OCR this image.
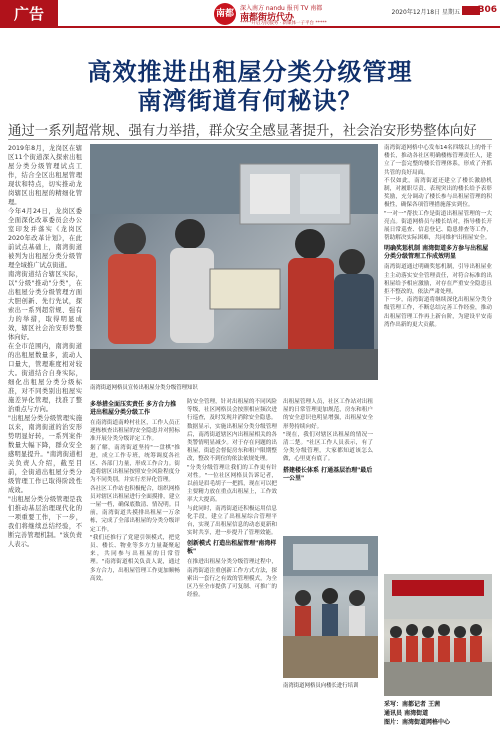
广告	南都
深入南方 nandu 报刊 TV 南都
南都街坊代办
*****开启为民服务 · 新媒体一子平台 *****
2020年12月18日 星期五 B06
高效推进出租屋分类分级管理
南湾街道有何秘诀？
通过一系列超常规、强有力举措，群众安全感显著提升，社会治安形势整体向好

2019年8月，龙岗区在辖区11个街道深入探索出租屋分类分级管理试点工作，结合全区出租屋管理现状和特点，切实推动龙岗辖区出租屋的精细化管理。

今年4月24日，龙岗区委全面深化改革委员会办公室印发并落实《龙岗区2020年改革计划》，在此前试点基础上，南湾街道被列为出租屋分类分级管理全域推广试点街道。

南湾街道结合辖区实际，以"分级"推动"分类"，在出租屋分类分级管理方面大胆创新、先行先试，探索出一系列超常规、强有力的举措，取得明显成效，辖区社会治安形势整体向好。

在全市范围内，南湾街道的出租屋数量多，流动人口量大，管理难度相对较大。街道结合自身实际，细化出租屋分类分级标准，对不同类别出租屋实施差异化管理，找准了整治重点与方向。

"出租屋分类分级管理实施以来，南湾街道的治安形势明显好转，一系列案件数量大幅下降，群众安全感明显提升。"南湾街道相关负责人介绍，截至目前，全街道出租屋分类分级管理工作已取得阶段性成效。

"出租屋分类分级管理是我们推动基层治理现代化的一项重要工作，下一步，我们将继续总结经验，不断完善管理机制。"该负责人表示。

南湾街道网格员宣传出租屋分类分级管理知识
多举措全面压实责任 多方合力推进出租屋分类分级工作

在南湾街道南岭村社区，工作人员正逐栋核查出租屋的安全隐患并对照标准开展分类分级评定工作。

据了解，南湾街道坚持"一盘棋"推进，成立工作专班，统筹调度各社区、各部门力量，形成工作合力。街道将辖区出租屋按照安全风险程度分为不同类别，并实行差异化管理。

各社区工作站也积极配合，组织网格员对辖区出租屋进行全面摸排，建立一屋一档，确保底数清、情况明。目前，南湾街道共摸排出租屋一万余栋，完成了全部出租屋的分类分级评定工作。

"我们还推行了党建引领模式，把党员、楼长、物业等多方力量凝聚起来，共同参与出租屋的日常管理。"南湾街道相关负责人说，通过多方合力，出租屋管理工作更加顺畅高效。

防安全管理，针对出租屋的不同风险等级，社区网格员会按照相应频次进行巡查，及时发现并消除安全隐患。

数据显示，实施出租屋分类分级管理后，南湾街道辖区内出租屋相关的各类警情明显减少。对于存在问题的出租屋，街道会督促房东和租户限期整改，整改不到位的依法依规处理。

"分类分级管理让我们的工作更有针对性。"一位社区网格员告诉记者，以前是眉毛胡子一把抓，现在可以把主要精力放在重点出租屋上，工作效率大大提高。

与此同时，南湾街道还积极运用信息化手段，建立了出租屋综合管理平台，实现了出租屋信息的动态更新和实时共享，进一步提升了管理效能。

创新模式 打造出租屋管理"南湾样板"

在推进出租屋分类分级管理过程中，南湾街道注重创新工作方式方法，探索出一套行之有效的管理模式，为全区乃至全市提供了可复制、可推广的经验。

出租屋管理人员，社区工作站对出租屋的日常管理更加规范，房东和租户的安全意识也明显增强，出租屋安全形势持续向好。

"现在，我们对辖区出租屋的情况一清二楚。"社区工作人员表示，有了分类分级管理，大家都知道该怎么做，心里更有底了。

搭建楼长体系 打通基层治理"最后一公里"
南湾街道网格员向楼长进行培训

南湾街道网格中心发布14名四级以上的骨干楼长，推动各社区明确楼栋管理责任人，建立了一套完整的楼长管理体系，形成了齐抓共管的良好局面。

不仅如此，南湾街道还建立了楼长激励机制，对履职尽责、表现突出的楼长给予表彰奖励，充分调动了楼长参与出租屋管理的积极性，确保各项管理措施落实到位。

"一对一"帮扶工作是街道出租屋管理的一大亮点。街道网格员与楼长结对，指导楼长开展日常巡查、信息登记、隐患排查等工作，帮助解决实际困难，共同维护出租屋安全。

明确奖惩机制 南湾街道多方参与出租屋分类分级管理工作成效明显

南湾街道通过明确奖惩机制，引导出租屋业主主动落实安全管理责任，对符合标准的出租屋给予相应激励，对存在严重安全隐患且拒不整改的，依法严肃处理。

下一步，南湾街道将继续深化出租屋分类分级管理工作，不断总结完善工作经验，推动出租屋管理工作再上新台阶，为建设平安南湾作出新的更大贡献。

采写：南都记者 王茜
通讯员 南湾街道
图片：南湾街道网格中心
